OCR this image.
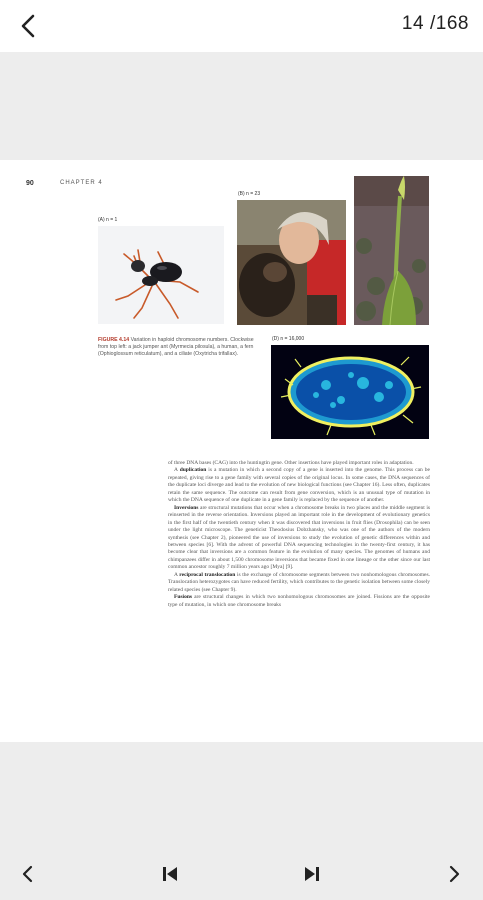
14 /168
90	CHAPTER 4
(A) n = 1
(B) n = 23
(D) n = 16,000
FIGURE 4.14 Variation in haploid chromosome numbers. Clockwise from top left: a jack jumper ant (Myrmecia pilosula), a human, a fern (Ophioglossum reticulatum), and a ciliate (Oxytricha trifallax).

of three DNA bases (CAG) into the huntingtin gene. Other insertions have played important roles in adaptation.

A duplication is a mutation in which a second copy of a gene is inserted into the genome. This process can be repeated, giving rise to a gene family with several copies of the original locus. In some cases, the DNA sequences of the duplicate loci diverge and lead to the evolution of new biological functions (see Chapter 16). Less often, duplicates retain the same sequence. The outcome can result from gene conversion, which is an unusual type of mutation in which the DNA sequence of one duplicate in a gene family is replaced by the sequence of another.

Inversions are structural mutations that occur when a chromosome breaks in two places and the middle segment is reinserted in the reverse orientation. Inversions played an important role in the development of evolutionary genetics in the first half of the twentieth century when it was discovered that inversions in fruit flies (Drosophila) can be seen under the light microscope. The geneticist Theodosius Dobzhansky, who was one of the authors of the modern synthesis (see Chapter 2), pioneered the use of inversions to study the evolution of genetic differences within and between species [6]. With the advent of powerful DNA sequencing technologies in the twenty-first century, it has become clear that inversions are a common feature in the evolution of many species. The genomes of humans and chimpanzees differ in about 1,500 chromosome inversions that became fixed in one lineage or the other since our last common ancestor roughly 7 million years ago [Mya] [9].

A reciprocal translocation is the exchange of chromosome segments between two nonhomologous chromosomes. Translocation heterozygotes can have reduced fertility, which contributes to the genetic isolation between some closely related species (see Chapter 9).

Fusions are structural changes in which two nonhomologous chromosomes are joined. Fissions are the opposite type of mutation, in which one chromosome breaks
